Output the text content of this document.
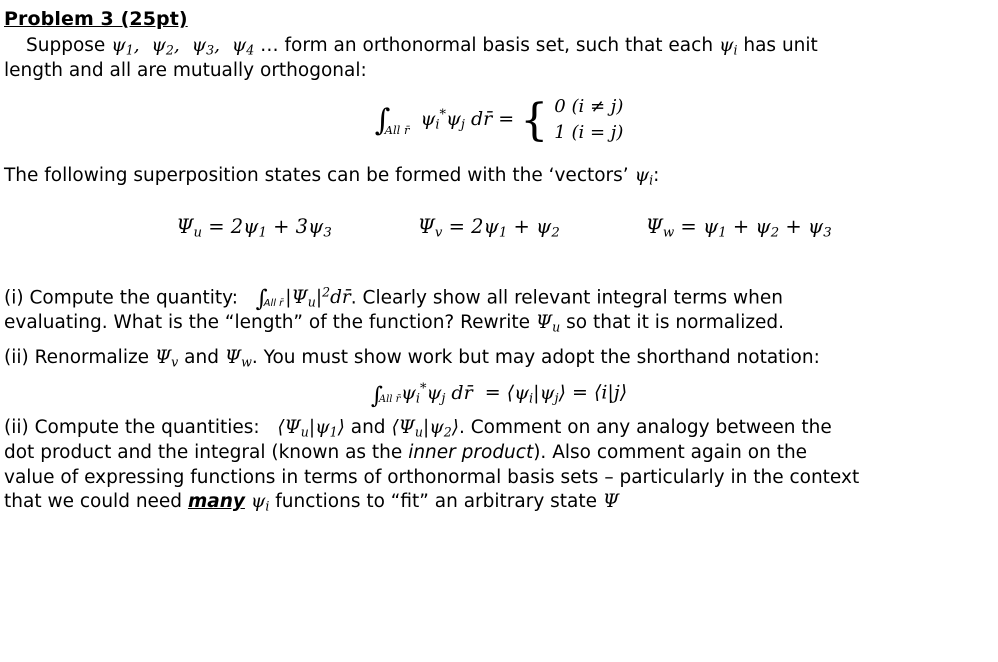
Problem 3 (25pt)
Suppose $\psi_1$, $\psi_2$, $\psi_3$, $\psi_4$ … form an orthonormal basis set, such that each $\psi_i$ has unit
length and all are mutually orthogonal:
∫
All r̄ $\psi_i^*\psi_j$ dr̄ = { 0 (i ≠ j)
1 (i = j)
The following superposition states can be formed with the ‘vectors’ $\psi_i$:
$\Psi_u = 2\psi_1 + 3\psi_3$	$\Psi_v = 2\psi_1 + \psi_2$	$\Psi_w = \psi_1 + \psi_2 + \psi_3$
(i) Compute the quantity: ∫
All r̄ $|\Psi_u|^2dr̄$. Clearly show all relevant integral terms when
evaluating. What is the “length” of the function? Rewrite $\Psi_u$ so that it is normalized.
(ii) Renormalize $\Psi_v$ and $\Psi_w$. You must show work but may adopt the shorthand notation:
∫
All r̄ $\psi_i^*\psi_j$ dr̄  = $⟨\psi_i|\psi_j⟩$ = ⟨i|j⟩
(ii) Compute the quantities: $⟨\Psi_u|\psi_1⟩$ and $⟨\Psi_u|\psi_2⟩$. Comment on any analogy between the
dot product and the integral (known as the inner product). Also comment again on the
value of expressing functions in terms of orthonormal basis sets – particularly in the context
that we could need many $\psi_i$ functions to “fit” an arbitrary state Ψ
